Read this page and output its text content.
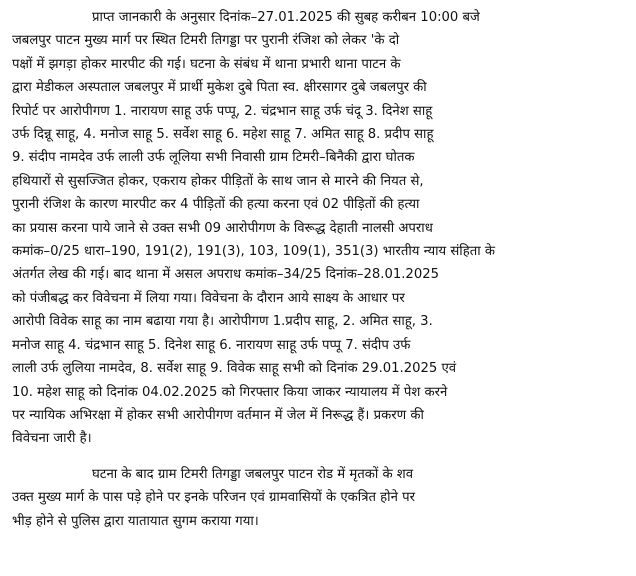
प्राप्त जानकारी के अनुसार दिनांक–27.01.2025 की सुबह करीबन 10:00 बजे
जबलपुर पाटन मुख्य मार्ग पर स्थित टिमरी तिगड्डा पर पुरानी रंजिश को लेकर 'के दो
पक्षों में झगड़ा होकर मारपीट की गई। घटना के संबंध में थाना प्रभारी थाना पाटन के
द्वारा मेडीकल अस्पताल जबलपुर में प्रार्थी मुकेश दुबे पिता स्व. क्षीरसागर दुबे जबलपुर की
रिपोर्ट पर आरोपीगण 1. नारायण साहू उर्फ पप्पू, 2. चंद्रभान साहू उर्फ चंदू 3. दिनेश साहू
उर्फ दिन्नू साहू, 4. मनोज साहू 5. सर्वेश साहू 6. महेश साहू 7. अमित साहू 8. प्रदीप साहू
9. संदीप नामदेव उर्फ लाली उर्फ लूलिया सभी निवासी ग्राम टिमरी–बिनैकी द्वारा घोतक
हथियारों से सुसज्जित होकर, एकराय होकर पीड़ितों के साथ जान से मारने की नियत से,
पुरानी रंजिश के कारण मारपीट कर 4 पीड़ितों की हत्या करना एवं 02 पीड़ितों की हत्या
का प्रयास करना पाये जाने से उक्त सभी 09 आरोपीगण के विरूद्ध देहाती नालसी अपराध
कमांक–0/25 धारा–190, 191(2), 191(3), 103, 109(1), 351(3) भारतीय न्याय संहिता के
अंतर्गत लेख की गई। बाद थाना में असल अपराध कमांक–34/25 दिनांक–28.01.2025
को पंजीबद्ध कर विवेचना में लिया गया। विवेचना के दौरान आये साक्ष्य के आधार पर
आरोपी विवेक साहू का नाम बढाया गया है। आरोपीगण 1.प्रदीप साहू, 2. अमित साहू, 3.
मनोज साहू 4. चंद्रभान साहू 5. दिनेश साहू 6. नारायण साहू उर्फ पप्पू 7. संदीप उर्फ
लाली उर्फ लुलिया नामदेव, 8. सर्वेश साहू 9. विवेक साहू सभी को दिनांक 29.01.2025 एवं
10. महेश साहू को दिनांक 04.02.2025 को गिरफ्तार किया जाकर न्यायालय में पेश करने
पर न्यायिक अभिरक्षा में होकर सभी आरोपीगण वर्तमान में जेल में निरूद्ध हैं। प्रकरण की
विवेचना जारी है।

घटना के बाद ग्राम टिमरी तिगड्डा जबलपुर पाटन रोड में मृतकों के शव
उक्त मुख्य मार्ग के पास पड़े होने पर इनके परिजन एवं ग्रामवासियों के एकत्रित होने पर
भीड़ होने से पुलिस द्वारा यातायात सुगम कराया गया।
